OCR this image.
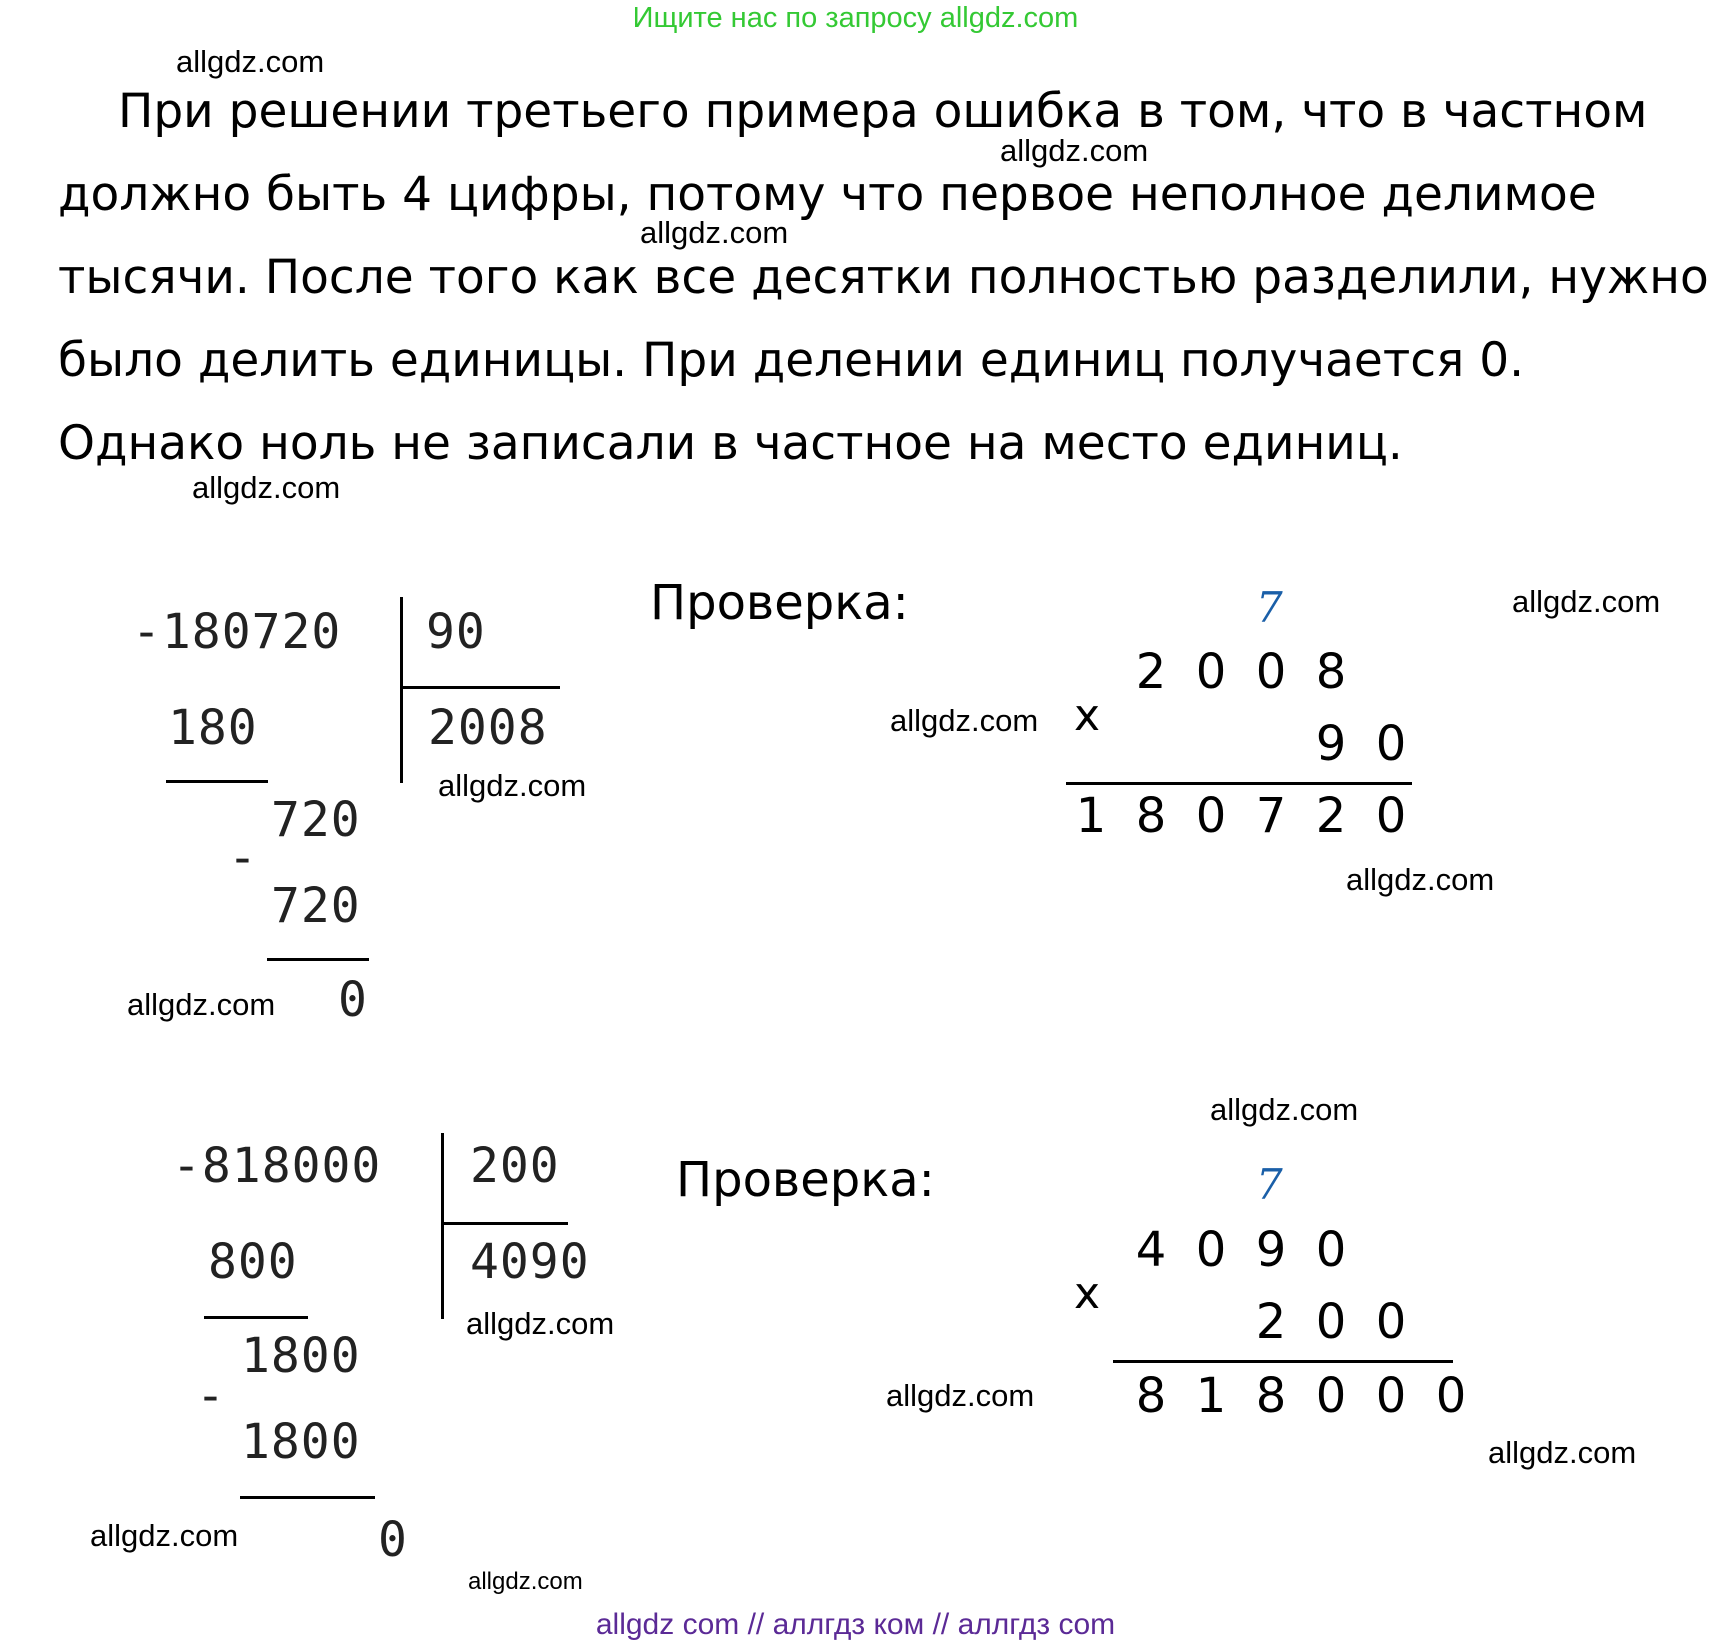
Ищите нас по запросу allgdz.com
allgdz.com
allgdz.com
allgdz.com
allgdz.com
allgdz.com
allgdz.com
allgdz.com
allgdz.com
allgdz.com
allgdz.com
allgdz.com
allgdz.com
allgdz.com
allgdz.com
allgdz.com

При решении третьего примера ошибка в том, что в частном

должно быть 4 цифры, потому что первое неполное делимое

тысячи. После того как все десятки полностью разделили, нужно

было делить единицы. При делении единиц получается 0.

Однако ноль не записали в частное на место единиц.

-180720 90
180	2008
720
-
720
0
Проверка:	7
x
2 0 0 8
9 0
1 8 0 7 2 0
-818000 200
800	4090
1800
-
1800
0
Проверка:	7
x
4 0 9 0
2 0 0
8 1 8 0 0 0
allgdz com // аллгдз ком // аллгдз com
